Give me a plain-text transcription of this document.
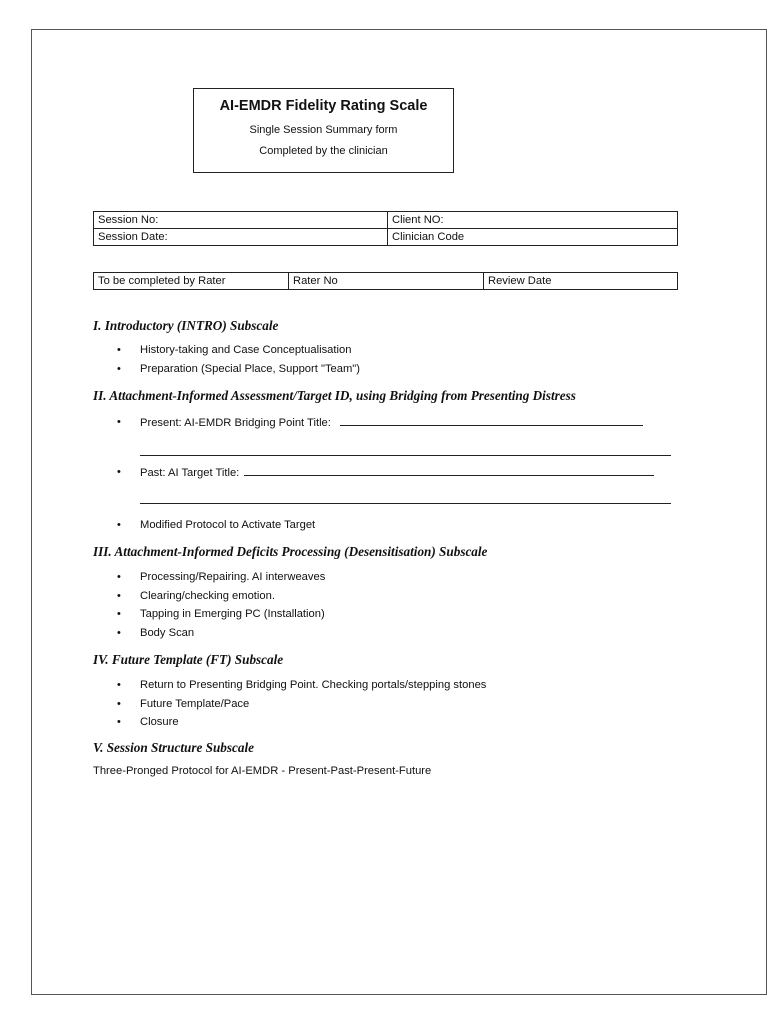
AI-EMDR Fidelity Rating Scale
Single Session Summary form
Completed by the clinician
Session No:	Client NO:
Session Date:	Clinician Code
To be completed by Rater	Rater No	Review Date
I. Introductory (INTRO) Subscale
• History-taking and Case Conceptualisation
• Preparation (Special Place, Support "Team")
II. Attachment-Informed Assessment/Target ID, using Bridging from Presenting Distress
• Present: AI-EMDR Bridging Point Title:
• Past: AI Target Title:
• Modified Protocol to Activate Target
III. Attachment-Informed Deficits Processing (Desensitisation) Subscale
• Processing/Repairing. AI interweaves
• Clearing/checking emotion.
• Tapping in Emerging PC (Installation)
• Body Scan
IV. Future Template (FT) Subscale
• Return to Presenting Bridging Point. Checking portals/stepping stones
• Future Template/Pace
• Closure
V. Session Structure Subscale
Three-Pronged Protocol for AI-EMDR - Present-Past-Present-Future
